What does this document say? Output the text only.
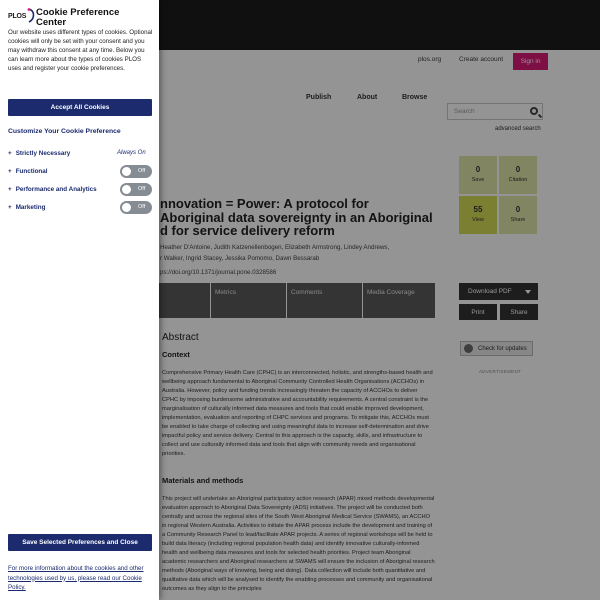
plos.org	Create account	Sign in
Publish	About	Browse
Search
advanced search
0
Save
0
Citation
55
View
0
Share
nnovation = Power: A protocol for Aboriginal data sovereignty in an Aboriginal d for service delivery reform
Heather D'Antoine, Judith Katzenellenbogen, Elizabeth Armstrong, Lindey Andrews,
r Walker, Ingrid Stacey, Jessika Pomomo, Dawn Bessarab
ps://doi.org/10.1371/journal.pone.0328586
Metrics	Comments	Media Coverage	Download PDF
Print	Share
Check for updates
ADVERTISEMENT
Abstract
Context
Comprehensive Primary Health Care (CPHC) is an interconnected, holistic, and strengths-based health and wellbeing approach fundamental to Aboriginal Community Controlled Health Organisations (ACCHOs) in Australia. However, policy and funding trends increasingly threaten the capacity of ACCHOs to deliver CPHC by imposing burdensome administrative and accountability requirements. A central constraint is the marginalisation of culturally informed data measures and tools that could enable improved development, implementation, evaluation and reporting of CHPC services and programs. To mitigate this, ACCHOs must be enabled to take charge of collecting and using meaningful data to increase self-determination and drive impactful policy and service delivery. Central to this approach is the capacity, skills, and infrastructure to collect and use culturally informed data and tools that align with community needs and organisational priorities.
Materials and methods
This project will undertake an Aboriginal participatory action research (APAR) mixed methods developmental evaluation approach to Aboriginal Data Sovereignty (ADS) initiatives. The project will be conducted both centrally and across the regional sites of the South West Aboriginal Medical Service (SWAMS), an ACCHO in regional Western Australia. Activities to initiate the APAR process include the development and training of a Community Research Panel to lead/facilitate APAR projects. A series of regional workshops will be held to build data literacy (including regional population health data) and identify innovative culturally-informed health and wellbeing data measures and tools for selected health priorities. Project team Aboriginal academic researchers and Aboriginal researchers at SWAMS will ensure the inclusion of Aboriginal research methods (Aboriginal ways of knowing, being and doing). Data collection will include both quantitative and qualitative data which will be analysed to identify the enabling processes and community and organisational outcomes as they align to the principles
PLOS Cookie Preference
Center
Our website uses different types of cookies. Optional cookies will only be set with your consent and you may withdraw this consent at any time. Below you can learn more about the types of cookies PLOS uses and register your cookie preferences.
Accept All Cookies
Customize Your Cookie Preference
+ Strictly Necessary	Always On
+ Functional	Off
+ Performance and Analytics	Off
+ Marketing	Off
Save Selected Preferences and Close
For more information about the cookies and other technologies used by us, please read our Cookie Policy.
